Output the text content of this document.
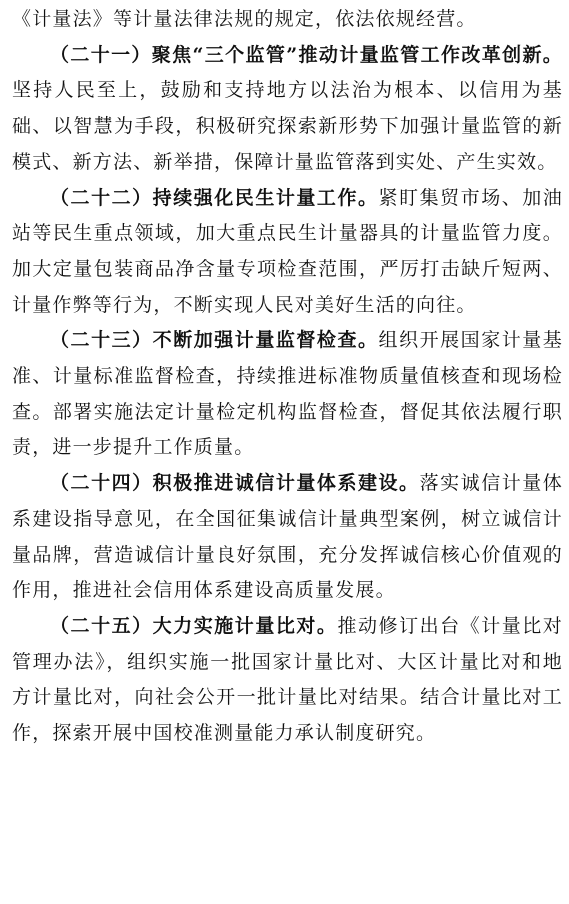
《计量法》等计量法律法规的规定，依法依规经营。

（二十一）聚焦“三个监管”推动计量监管工作改革创新。坚持人民至上，鼓励和支持地方以法治为根本、以信用为基础、以智慧为手段，积极研究探索新形势下加强计量监管的新模式、新方法、新举措，保障计量监管落到实处、产生实效。

（二十二）持续强化民生计量工作。紧盯集贸市场、加油站等民生重点领域，加大重点民生计量器具的计量监管力度。加大定量包装商品净含量专项检查范围，严厉打击缺斤短两、计量作弊等行为，不断实现人民对美好生活的向往。

（二十三）不断加强计量监督检查。组织开展国家计量基准、计量标准监督检查，持续推进标准物质量值核查和现场检查。部署实施法定计量检定机构监督检查，督促其依法履行职责，进一步提升工作质量。

（二十四）积极推进诚信计量体系建设。落实诚信计量体系建设指导意见，在全国征集诚信计量典型案例，树立诚信计量品牌，营造诚信计量良好氛围，充分发挥诚信核心价值观的作用，推进社会信用体系建设高质量发展。

（二十五）大力实施计量比对。推动修订出台《计量比对管理办法》，组织实施一批国家计量比对、大区计量比对和地方计量比对，向社会公开一批计量比对结果。结合计量比对工作，探索开展中国校准测量能力承认制度研究。
